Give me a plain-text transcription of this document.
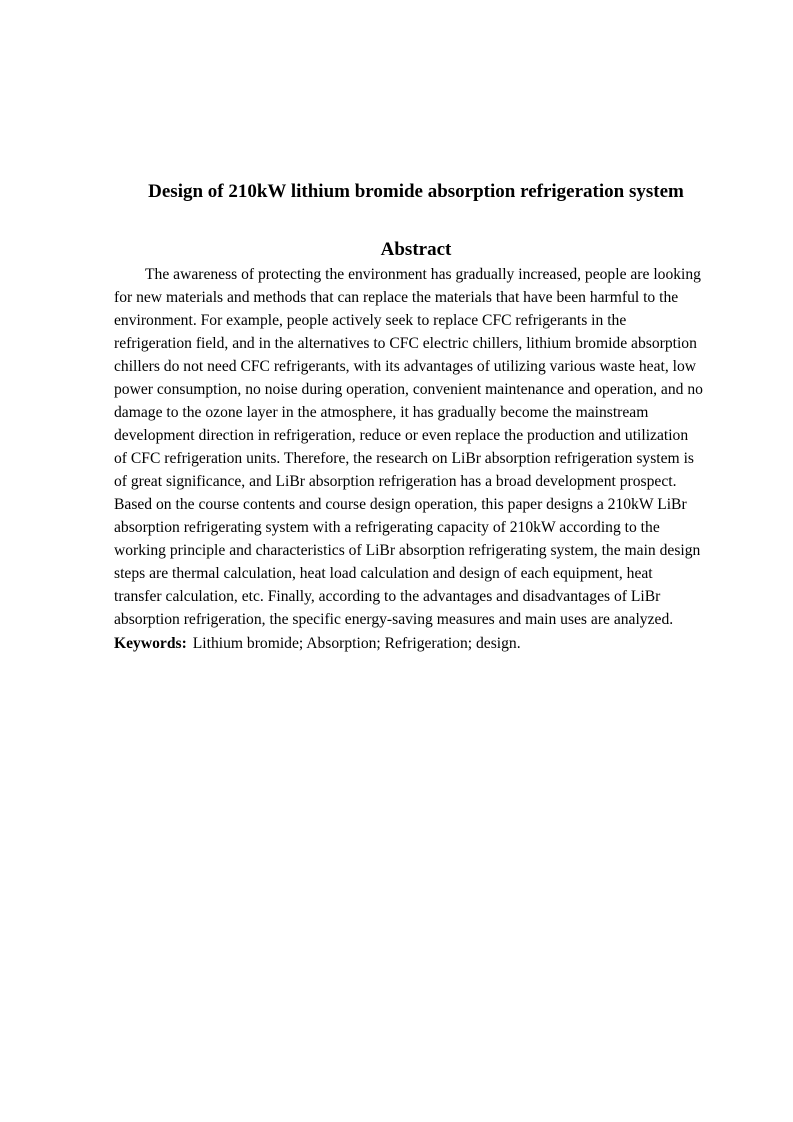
Design of 210kW lithium bromide absorption refrigeration system
Abstract

The awareness of protecting the environment has gradually increased, people are looking
for new materials and methods that can replace the materials that have been harmful to the
environment. For example, people actively seek to replace CFC refrigerants in the
refrigeration field, and in the alternatives to CFC electric chillers, lithium bromide absorption
chillers do not need CFC refrigerants, with its advantages of utilizing various waste heat, low
power consumption, no noise during operation, convenient maintenance and operation, and no
damage to the ozone layer in the atmosphere, it has gradually become the mainstream
development direction in refrigeration, reduce or even replace the production and utilization
of CFC refrigeration units. Therefore, the research on LiBr absorption refrigeration system is
of great significance, and LiBr absorption refrigeration has a broad development prospect.
Based on the course contents and course design operation, this paper designs a 210kW LiBr
absorption refrigerating system with a refrigerating capacity of 210kW according to the
working principle and characteristics of LiBr absorption refrigerating system, the main design
steps are thermal calculation, heat load calculation and design of each equipment, heat
transfer calculation, etc. Finally, according to the advantages and disadvantages of LiBr
absorption refrigeration, the specific energy-saving measures and main uses are analyzed.

Keywords: Lithium bromide; Absorption; Refrigeration; design.
